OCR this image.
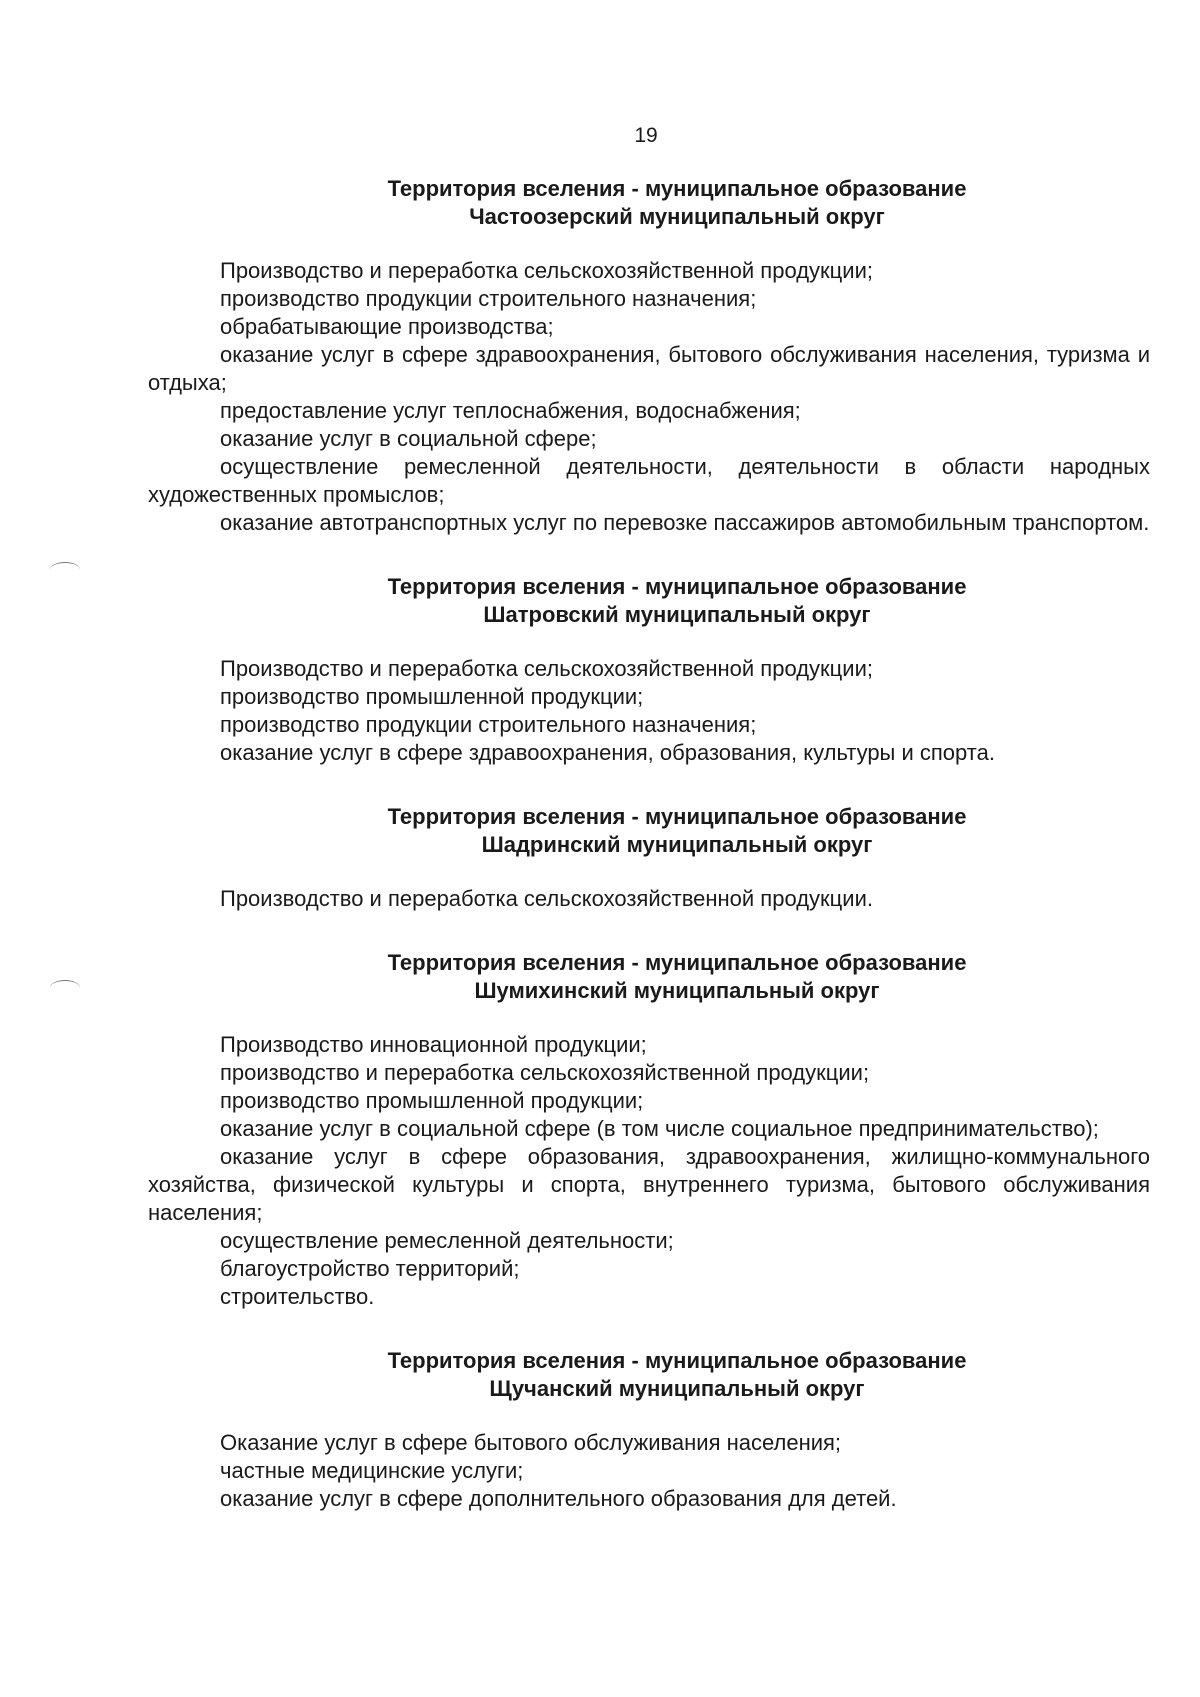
19
Территория вселения - муниципальное образование
Частоозерский муниципальный округ

Производство и переработка сельскохозяйственной продукции;

производство продукции строительного назначения;

обрабатывающие производства;

оказание услуг в сфере здравоохранения, бытового обслуживания населения, туризма и отдыха;

предоставление услуг теплоснабжения, водоснабжения;

оказание услуг в социальной сфере;

осуществление ремесленной деятельности, деятельности в области народных художественных промыслов;

оказание автотранспортных услуг по перевозке пассажиров автомобильным транспортом.

Территория вселения - муниципальное образование
Шатровский муниципальный округ

Производство и переработка сельскохозяйственной продукции;

производство промышленной продукции;

производство продукции строительного назначения;

оказание услуг в сфере здравоохранения, образования, культуры и спорта.

Территория вселения - муниципальное образование
Шадринский муниципальный округ

Производство и переработка сельскохозяйственной продукции.

Территория вселения - муниципальное образование
Шумихинский муниципальный округ

Производство инновационной продукции;

производство и переработка сельскохозяйственной продукции;

производство промышленной продукции;

оказание услуг в социальной сфере (в том числе социальное предпринимательство);

оказание услуг в сфере образования, здравоохранения, жилищно-коммунального хозяйства, физической культуры и спорта, внутреннего туризма, бытового обслуживания населения;

осуществление ремесленной деятельности;

благоустройство территорий;

строительство.

Территория вселения - муниципальное образование
Щучанский муниципальный округ

Оказание услуг в сфере бытового обслуживания населения;

частные медицинские услуги;

оказание услуг в сфере дополнительного образования для детей.
